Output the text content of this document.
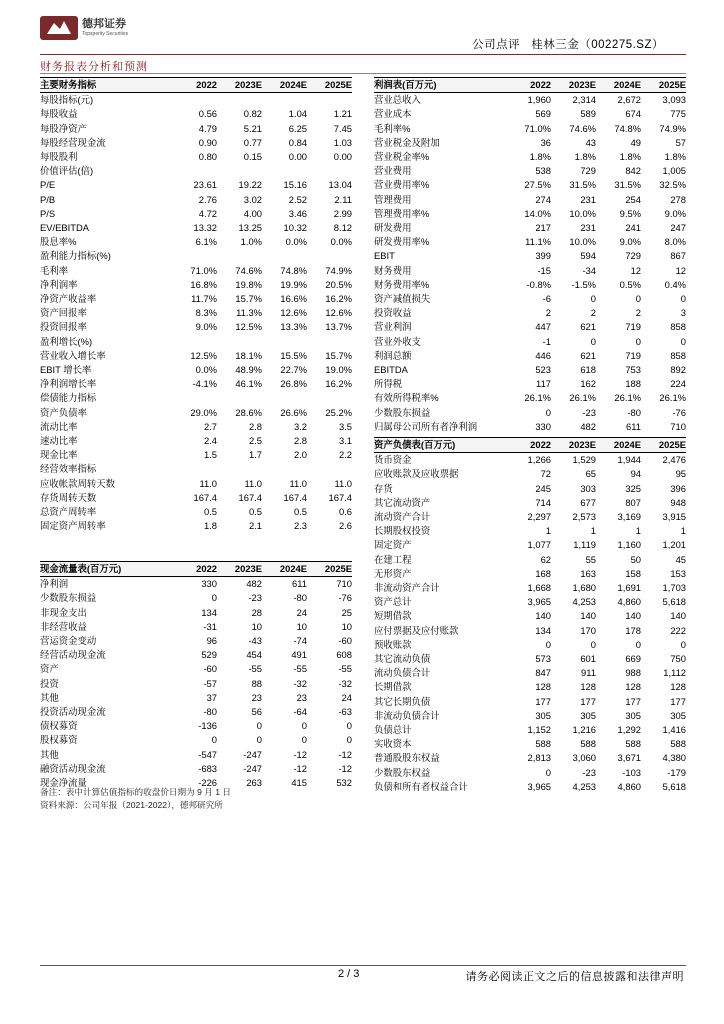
德邦证券
Topsperity Securities
公司点评 桂林三金（002275.SZ）
财务报表分析和预测
主要财务指标	2022	2023E	2024E	2025E
每股指标(元)				
每股收益	0.56	0.82	1.04	1.21
每股净资产	4.79	5.21	6.25	7.45
每股经营现金流	0.90	0.77	0.84	1.03
每股股利	0.80	0.15	0.00	0.00
价值评估(倍)				
P/E	23.61	19.22	15.16	13.04
P/B	2.76	3.02	2.52	2.11
P/S	4.72	4.00	3.46	2.99
EV/EBITDA	13.32	13.25	10.32	8.12
股息率%	6.1%	1.0%	0.0%	0.0%
盈利能力指标(%)				
毛利率	71.0%	74.6%	74.8%	74.9%
净利润率	16.8%	19.8%	19.9%	20.5%
净资产收益率	11.7%	15.7%	16.6%	16.2%
资产回报率	8.3%	11.3%	12.6%	12.6%
投资回报率	9.0%	12.5%	13.3%	13.7%
盈利增长(%)				
营业收入增长率	12.5%	18.1%	15.5%	15.7%
EBIT 增长率	0.0%	48.9%	22.7%	19.0%
净利润增长率	-4.1%	46.1%	26.8%	16.2%
偿债能力指标				
资产负债率	29.0%	28.6%	26.6%	25.2%
流动比率	2.7	2.8	3.2	3.5
速动比率	2.4	2.5	2.8	3.1
现金比率	1.5	1.7	2.0	2.2
经营效率指标				
应收帐款周转天数	11.0	11.0	11.0	11.0
存货周转天数	167.4	167.4	167.4	167.4
总资产周转率	0.5	0.5	0.5	0.6
固定资产周转率	1.8	2.1	2.3	2.6
利润表(百万元)	2022	2023E	2024E	2025E
营业总收入	1,960	2,314	2,672	3,093
营业成本	569	589	674	775
毛利率%	71.0%	74.6%	74.8%	74.9%
营业税金及附加	36	43	49	57
营业税金率%	1.8%	1.8%	1.8%	1.8%
营业费用	538	729	842	1,005
营业费用率%	27.5%	31.5%	31.5%	32.5%
管理费用	274	231	254	278
管理费用率%	14.0%	10.0%	9.5%	9.0%
研发费用	217	231	241	247
研发费用率%	11.1%	10.0%	9.0%	8.0%
EBIT	399	594	729	867
财务费用	-15	-34	12	12
财务费用率%	-0.8%	-1.5%	0.5%	0.4%
资产减值损失	-6	0	0	0
投资收益	2	2	2	3
营业利润	447	621	719	858
营业外收支	-1	0	0	0
利润总额	446	621	719	858
EBITDA	523	618	753	892
所得税	117	162	188	224
有效所得税率%	26.1%	26.1%	26.1%	26.1%
少数股东损益	0	-23	-80	-76
归属母公司所有者净利润	330	482	611	710
资产负债表(百万元)	2022	2023E	2024E	2025E
货币资金	1,266	1,529	1,944	2,476
应收账款及应收票据	72	65	94	95
存货	245	303	325	396
其它流动资产	714	677	807	948
流动资产合计	2,297	2,573	3,169	3,915
长期股权投资	1	1	1	1
固定资产	1,077	1,119	1,160	1,201
在建工程	62	55	50	45
无形资产	168	163	158	153
非流动资产合计	1,668	1,680	1,691	1,703
资产总计	3,965	4,253	4,860	5,618
短期借款	140	140	140	140
应付票据及应付账款	134	170	178	222
预收账款	0	0	0	0
其它流动负债	573	601	669	750
流动负债合计	847	911	988	1,112
长期借款	128	128	128	128
其它长期负债	177	177	177	177
非流动负债合计	305	305	305	305
负债总计	1,152	1,216	1,292	1,416
实收资本	588	588	588	588
普通股股东权益	2,813	3,060	3,671	4,380
少数股东权益	0	-23	-103	-179
负债和所有者权益合计	3,965	4,253	4,860	5,618
现金流量表(百万元)	2022	2023E	2024E	2025E
净利润	330	482	611	710
少数股东损益	0	-23	-80	-76
非现金支出	134	28	24	25
非经营收益	-31	10	10	10
营运资金变动	96	-43	-74	-60
经营活动现金流	529	454	491	608
资产	-60	-55	-55	-55
投资	-57	88	-32	-32
其他	37	23	23	24
投资活动现金流	-80	56	-64	-63
债权募资	-136	0	0	0
股权募资	0	0	0	0
其他	-547	-247	-12	-12
融资活动现金流	-683	-247	-12	-12
现金净流量	-226	263	415	532
备注：表中计算估值指标的收盘价日期为 9 月 1 日
资料来源：公司年报（2021-2022），德邦研究所
2 / 3	请务必阅读正文之后的信息披露和法律声明
